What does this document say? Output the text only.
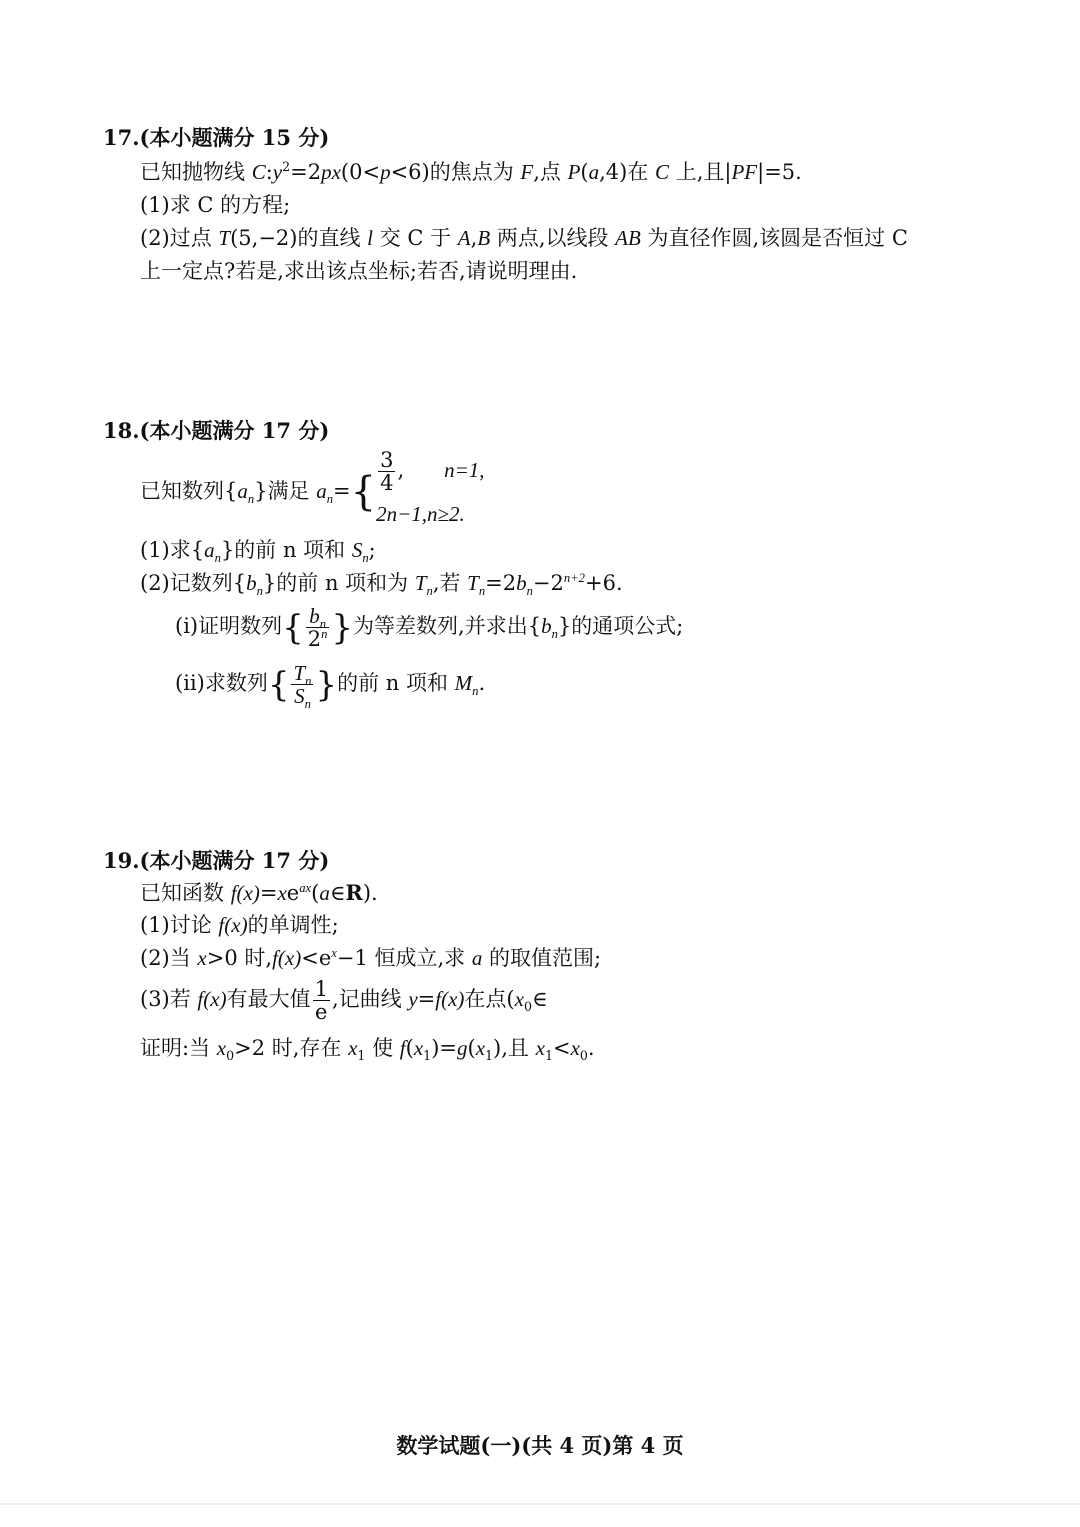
17.(本小题满分 15 分)
已知抛物线 $C:y^2=2px(0<p<6)$的焦点为 F,点 P(a,4)在 C 上,且|PF|=5.
(1)求 C 的方程;
(2)过点 T(5,−2)的直线 l 交 C 于 A,B 两点,以线段 AB 为直径作圆,该圆是否恒过 C
上一定点?若是,求出该点坐标;若否,请说明理由.
18.(本小题满分 17 分)
已知数列$\{a_n\}$满足 $a_n=\{ \frac{3}{4}$ , n=1,
2n−1,n≥2.
(1)求$\{a_n\}$的前 n 项和 $S_n$;
(2)记数列$\{b_n\}$的前 n 项和为 $T_n$,若 $T_n=2b_n-2^{n+2}+6$.
(ⅰ)证明数列{ $\frac{b_n}{2^n}$ }为等差数列,并求出$\{b_n\}$的通项公式;
(ⅱ)求数列{ $\frac{T_n}{S_n}$ }的前 n 项和 $M_n$.
19.(本小题满分 17 分)
已知函数 $f(x)=xe^{ax}(a\in R)$.
(1)讨论 f(x)的单调性;
(2)当 x>0 时$,f(x)<e^x-1$ 恒成立,求 a 的取值范围;
(3)若 f(x)有最大值 $\frac{1}{e}$ ,记曲线 y=f(x)在点($x_0\in$
证明:当 $x_0>2$ 时,存在 $x_1$ 使 $f(x_1)=g(x_1)$,且 $x_1<x_0$.
数学试题(一)(共 4 页)第 4 页
